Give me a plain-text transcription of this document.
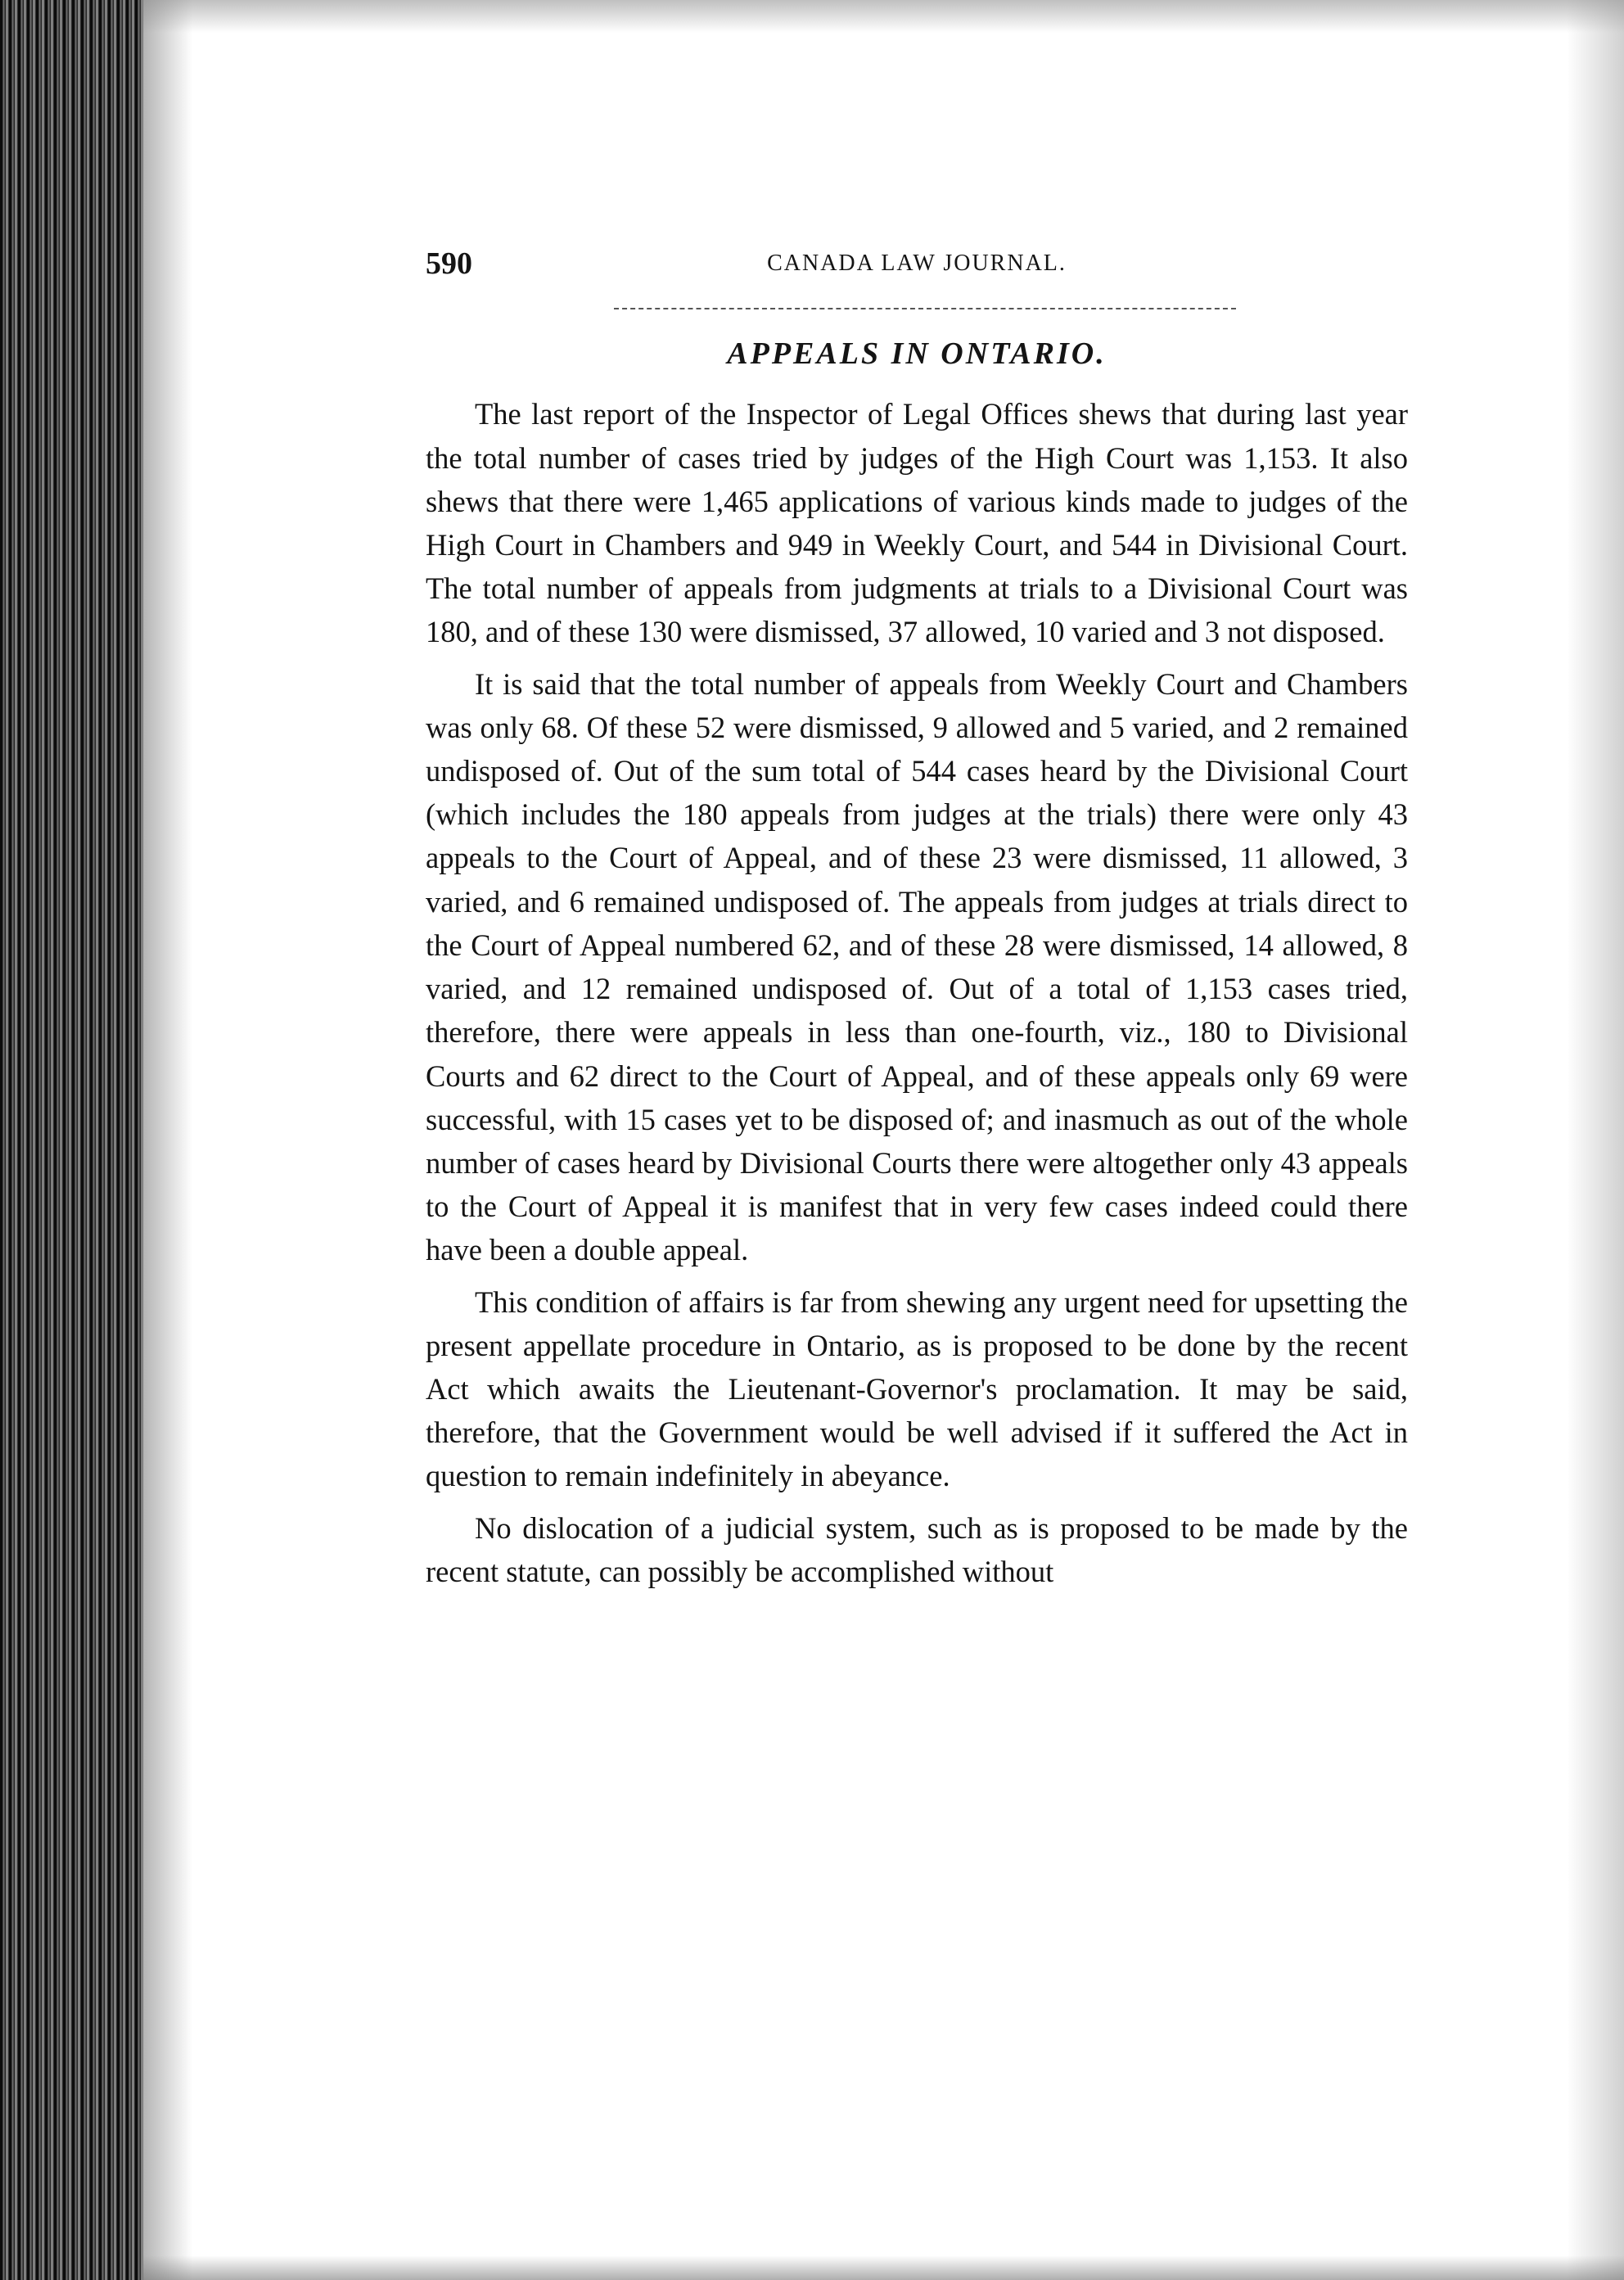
590	CANADA LAW JOURNAL.
APPEALS IN ONTARIO.

The last report of the Inspector of Legal Offices shews that during last year the total number of cases tried by judges of the High Court was 1,153. It also shews that there were 1,465 applications of various kinds made to judges of the High Court in Chambers and 949 in Weekly Court, and 544 in Divisional Court. The total number of appeals from judgments at trials to a Divisional Court was 180, and of these 130 were dismissed, 37 allowed, 10 varied and 3 not disposed.

It is said that the total number of appeals from Weekly Court and Chambers was only 68. Of these 52 were dismissed, 9 allowed and 5 varied, and 2 remained undisposed of. Out of the sum total of 544 cases heard by the Divisional Court (which includes the 180 appeals from judges at the trials) there were only 43 appeals to the Court of Appeal, and of these 23 were dismissed, 11 allowed, 3 varied, and 6 remained undisposed of. The appeals from judges at trials direct to the Court of Appeal numbered 62, and of these 28 were dismissed, 14 allowed, 8 varied, and 12 remained undisposed of. Out of a total of 1,153 cases tried, therefore, there were appeals in less than one-fourth, viz., 180 to Divisional Courts and 62 direct to the Court of Appeal, and of these appeals only 69 were successful, with 15 cases yet to be disposed of; and inasmuch as out of the whole number of cases heard by Divisional Courts there were altogether only 43 appeals to the Court of Appeal it is manifest that in very few cases indeed could there have been a double appeal.

This condition of affairs is far from shewing any urgent need for upsetting the present appellate procedure in Ontario, as is proposed to be done by the recent Act which awaits the Lieutenant-Governor's proclamation. It may be said, therefore, that the Government would be well advised if it suffered the Act in question to remain indefinitely in abeyance.

No dislocation of a judicial system, such as is proposed to be made by the recent statute, can possibly be accomplished without
